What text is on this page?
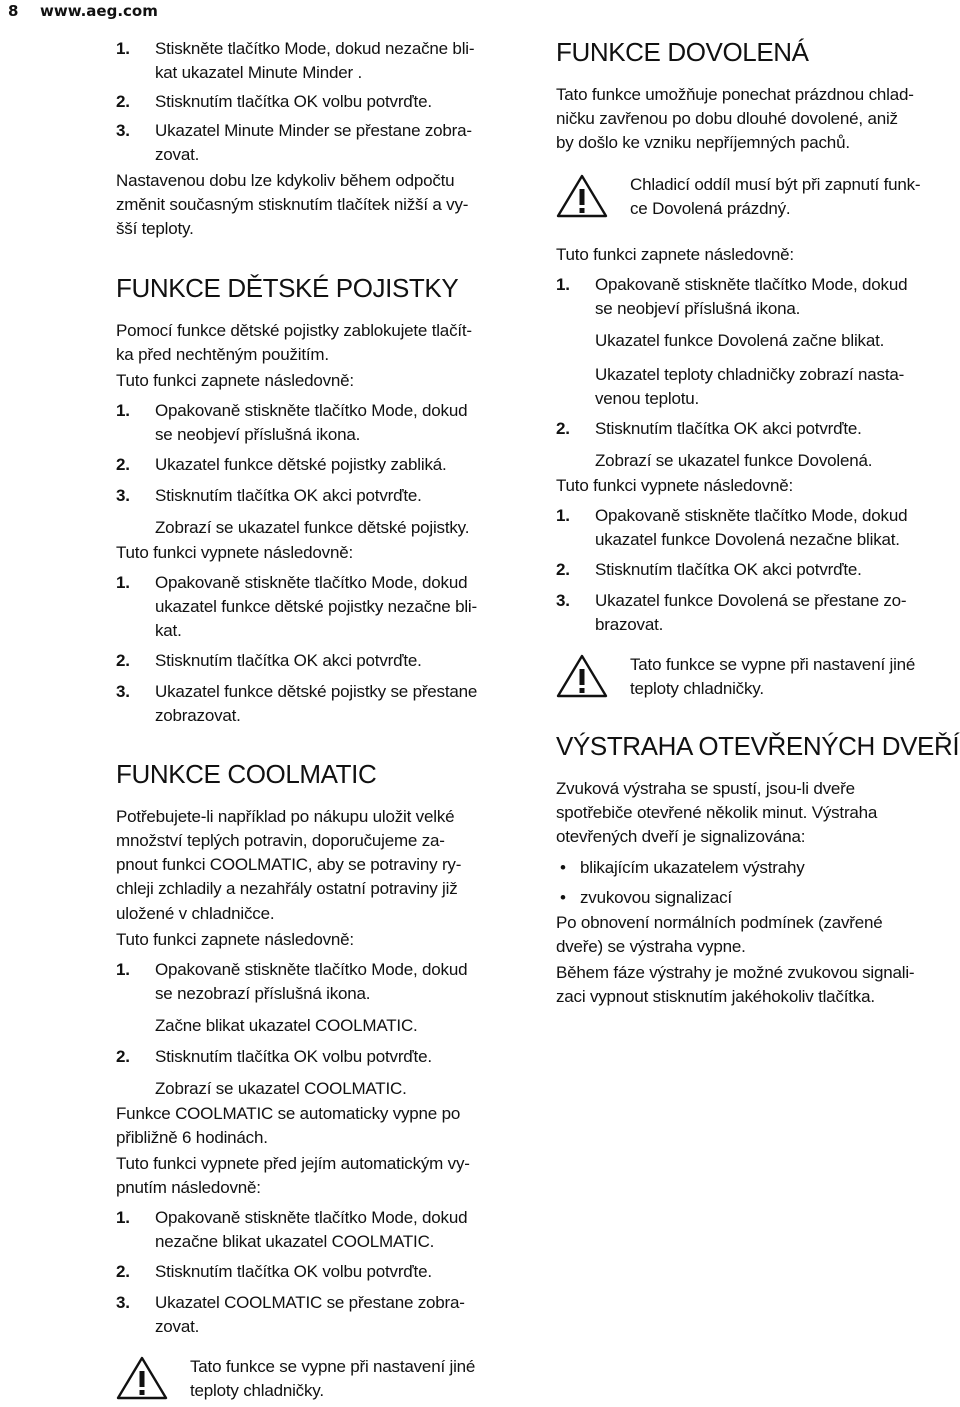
8 www.aeg.com
1. Stiskněte tlačítko Mode, dokud nezačne bli-
kat ukazatel Minute Minder .
2. Stisknutím tlačítka OK volbu potvrďte.
3. Ukazatel Minute Minder se přestane zobra-
zovat.
Nastavenou dobu lze kdykoliv během odpočtu
změnit současným stisknutím tlačítek nižší a vy-
šší teploty.
FUNKCE DĚTSKÉ POJISTKY
Pomocí funkce dětské pojistky zablokujete tlačít-
ka před nechtěným použitím.
Tuto funkci zapnete následovně:
1. Opakovaně stiskněte tlačítko Mode, dokud
se neobjeví příslušná ikona.
2. Ukazatel funkce dětské pojistky zabliká.
3. Stisknutím tlačítka OK akci potvrďte.
Zobrazí se ukazatel funkce dětské pojistky.
Tuto funkci vypnete následovně:
1. Opakovaně stiskněte tlačítko Mode, dokud
ukazatel funkce dětské pojistky nezačne bli-
kat.
2. Stisknutím tlačítka OK akci potvrďte.
3. Ukazatel funkce dětské pojistky se přestane
zobrazovat.
FUNKCE COOLMATIC
Potřebujete-li například po nákupu uložit velké
množství teplých potravin, doporučujeme za-
pnout funkci COOLMATIC, aby se potraviny ry-
chleji zchladily a nezahřály ostatní potraviny již
uložené v chladničce.
Tuto funkci zapnete následovně:
1. Opakovaně stiskněte tlačítko Mode, dokud
se nezobrazí příslušná ikona.
Začne blikat ukazatel COOLMATIC.
2. Stisknutím tlačítka OK volbu potvrďte.
Zobrazí se ukazatel COOLMATIC.
Funkce COOLMATIC se automaticky vypne po
přibližně 6 hodinách.
Tuto funkci vypnete před jejím automatickým vy-
pnutím následovně:
1. Opakovaně stiskněte tlačítko Mode, dokud
nezačne blikat ukazatel COOLMATIC.
2. Stisknutím tlačítka OK volbu potvrďte.
3. Ukazatel COOLMATIC se přestane zobra-
zovat.
Tato funkce se vypne při nastavení jiné
teploty chladničky.
FUNKCE DOVOLENÁ
Tato funkce umožňuje ponechat prázdnou chlad-
ničku zavřenou po dobu dlouhé dovolené, aniž
by došlo ke vzniku nepříjemných pachů.
Chladicí oddíl musí být při zapnutí funk-
ce Dovolená prázdný.
Tuto funkci zapnete následovně:
1. Opakovaně stiskněte tlačítko Mode, dokud
se neobjeví příslušná ikona.
Ukazatel funkce Dovolená začne blikat.
Ukazatel teploty chladničky zobrazí nasta-
venou teplotu.
2. Stisknutím tlačítka OK akci potvrďte.
Zobrazí se ukazatel funkce Dovolená.
Tuto funkci vypnete následovně:
1. Opakovaně stiskněte tlačítko Mode, dokud
ukazatel funkce Dovolená nezačne blikat.
2. Stisknutím tlačítka OK akci potvrďte.
3. Ukazatel funkce Dovolená se přestane zo-
brazovat.
Tato funkce se vypne při nastavení jiné
teploty chladničky.
VÝSTRAHA OTEVŘENÝCH DVEŘÍ
Zvuková výstraha se spustí, jsou-li dveře
spotřebiče otevřené několik minut. Výstraha
otevřených dveří je signalizována:
• blikajícím ukazatelem výstrahy
• zvukovou signalizací
Po obnovení normálních podmínek (zavřené
dveře) se výstraha vypne.
Během fáze výstrahy je možné zvukovou signali-
zaci vypnout stisknutím jakéhokoliv tlačítka.
